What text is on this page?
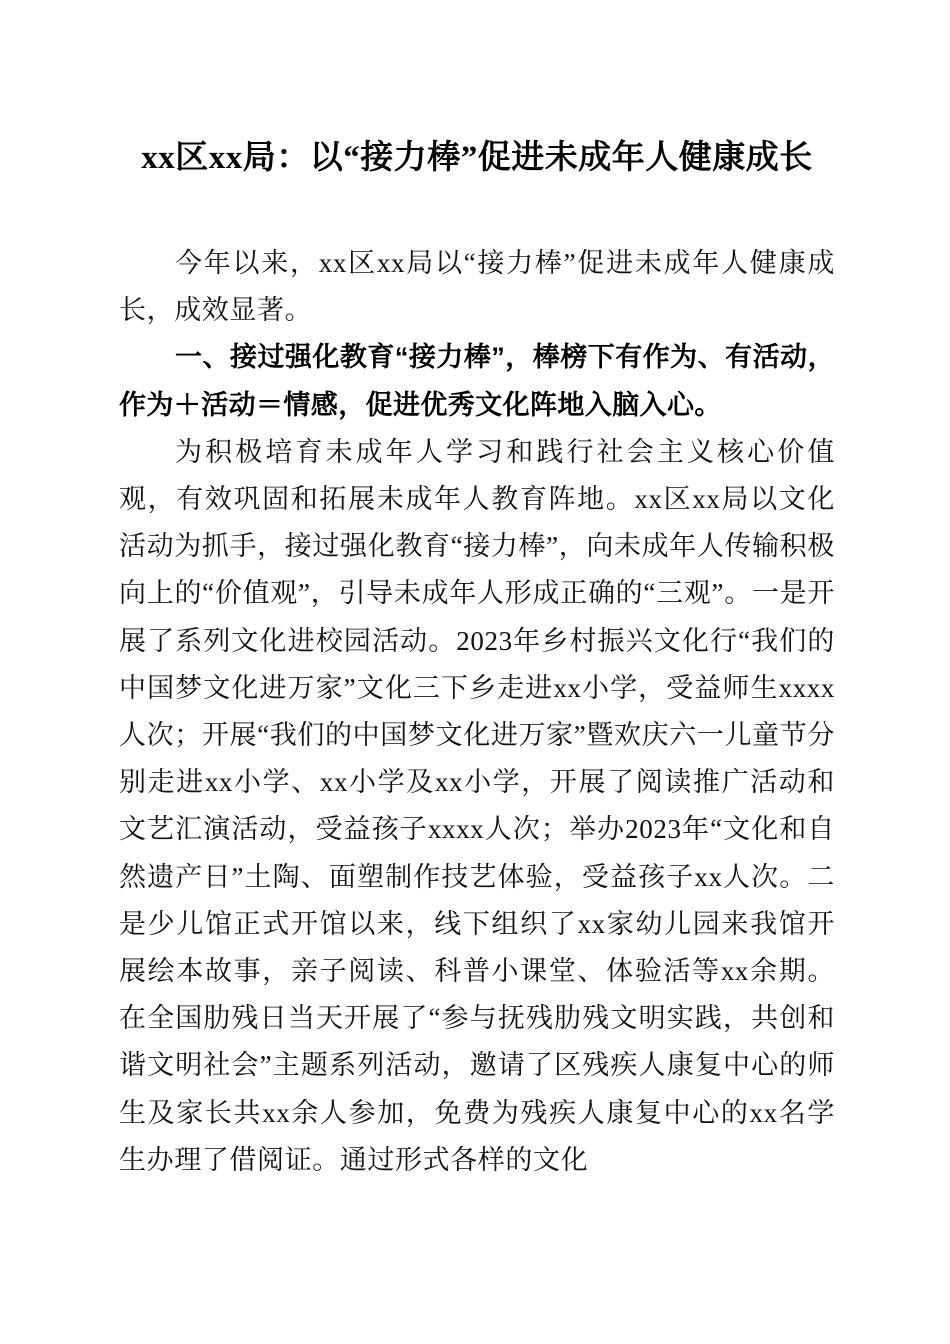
xx区xx局：以“接力棒”促进未成年人健康成长

今年以来，xx区xx局以“接力棒”促进未成年人健康成长，成效显著。

一、接过强化教育“接力棒”，棒榜下有作为、有活动，作为＋活动＝情感，促进优秀文化阵地入脑入心。

为积极培育未成年人学习和践行社会主义核心价值观，有效巩固和拓展未成年人教育阵地。xx区xx局以文化活动为抓手，接过强化教育“接力棒”，向未成年人传输积极向上的“价值观”，引导未成年人形成正确的“三观”。一是开展了系列文化进校园活动。2023年乡村振兴文化行“我们的中国梦文化进万家”文化三下乡走进xx小学，受益师生xxxx人次；开展“我们的中国梦文化进万家”暨欢庆六一儿童节分别走进xx小学、xx小学及xx小学，开展了阅读推广活动和文艺汇演活动，受益孩子xxxx人次；举办2023年“文化和自然遗产日”土陶、面塑制作技艺体验，受益孩子xx人次。二是少儿馆正式开馆以来，线下组织了xx家幼儿园来我馆开展绘本故事，亲子阅读、科普小课堂、体验活等xx余期。在全国肋残日当天开展了“参与抚残肋残文明实践，共创和谐文明社会”主题系列活动，邀请了区残疾人康复中心的师生及家长共xx余人参加，免费为残疾人康复中心的xx名学生办理了借阅证。通过形式各样的文化
